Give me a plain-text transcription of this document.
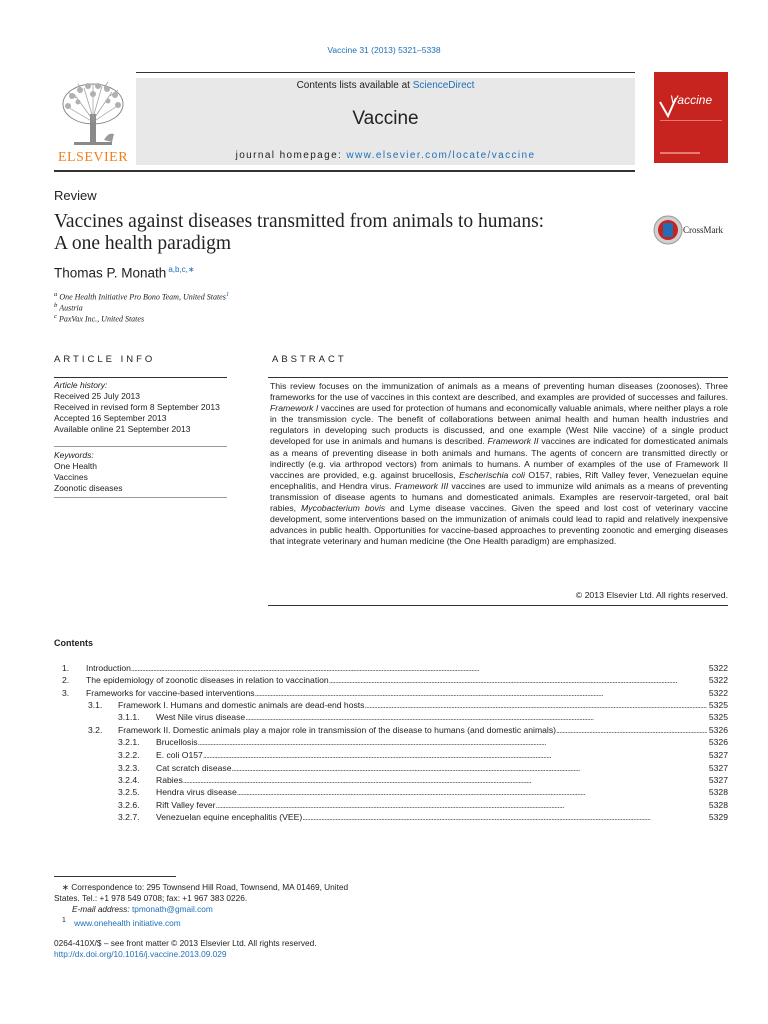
Vaccine 31 (2013) 5321–5338
ELSEVIER
Contents lists available at ScienceDirect
Vaccine
journal homepage: www.elsevier.com/locate/vaccine
Vaccine
Review
Vaccines against diseases transmitted from animals to humans:
A one health paradigm
CrossMark
Thomas P. Monath $^{a,b,c,∗}$
$^a$ One Health Initiative Pro Bono Team, United States$^1$
$^b$ Austria
$^c$ PaxVax Inc., United States
ARTICLE INFO	ABSTRACT
Article history:
Received 25 July 2013
Received in revised form 8 September 2013
Accepted 16 September 2013
Available online 21 September 2013
Keywords:
One Health
Vaccines
Zoonotic diseases
This review focuses on the immunization of animals as a means of preventing human diseases (zoonoses). Three frameworks for the use of vaccines in this context are described, and examples are provided of successes and failures. Framework I vaccines are used for protection of humans and economically valuable animals, where neither plays a role in the transmission cycle. The benefit of collaborations between animal health and human health industries and regulators in developing such products is discussed, and one example (West Nile vaccine) of a single product developed for use in animals and humans is described. Framework II vaccines are indicated for domesticated animals as a means of preventing disease in both animals and humans. The agents of concern are transmitted directly or indirectly (e.g. via arthropod vectors) from animals to humans. A number of examples of the use of Framework II vaccines are provided, e.g. against brucellosis, Escherischia coli O157, rabies, Rift Valley fever, Venezuelan equine encephalitis, and Hendra virus. Framework III vaccines are used to immunize wild animals as a means of preventing transmission of disease agents to humans and domesticated animals. Examples are reservoir-targeted, oral bait rabies, Mycobacterium bovis and Lyme disease vaccines. Given the speed and lost cost of veterinary vaccine development, some interventions based on the immunization of animals could lead to rapid and relatively inexpensive advances in public health. Opportunities for vaccine-based approaches to preventing zoonotic and emerging diseases that integrate veterinary and human medicine (the One Health paradigm) are emphasized.
© 2013 Elsevier Ltd. All rights reserved.
Contents
1.	Introduction . . .	5322
2.	The epidemiology of zoonotic diseases in relation to vaccination . . .	5322
3.	Frameworks for vaccine-based interventions . . .	5322
3.1.	Framework I. Humans and domestic animals are dead-end hosts . . .	5325
3.1.1.	West Nile virus disease . . .	5325
3.2.	Framework II. Domestic animals play a major role in transmission of the disease to humans (and domestic animals) . . .	5326
3.2.1.	Brucellosis . . .	5326
3.2.2.	E. coli O157 . . .	5327
3.2.3.	Cat scratch disease . . .	5327
3.2.4.	Rabies . . .	5327
3.2.5.	Hendra virus disease . . .	5328
3.2.6.	Rift Valley fever . . .	5328
3.2.7.	Venezuelan equine encephalitis (VEE) . . .	5329
∗ Correspondence to: 295 Townsend Hill Road, Townsend, MA 01469, United
States. Tel.: +1 978 549 0708; fax: +1 967 383 0226.
E-mail address: tpmonath@gmail.com
$^1$ www.onehealth initiative.com
0264-410X/$ – see front matter © 2013 Elsevier Ltd. All rights reserved.
http://dx.doi.org/10.1016/j.vaccine.2013.09.029
